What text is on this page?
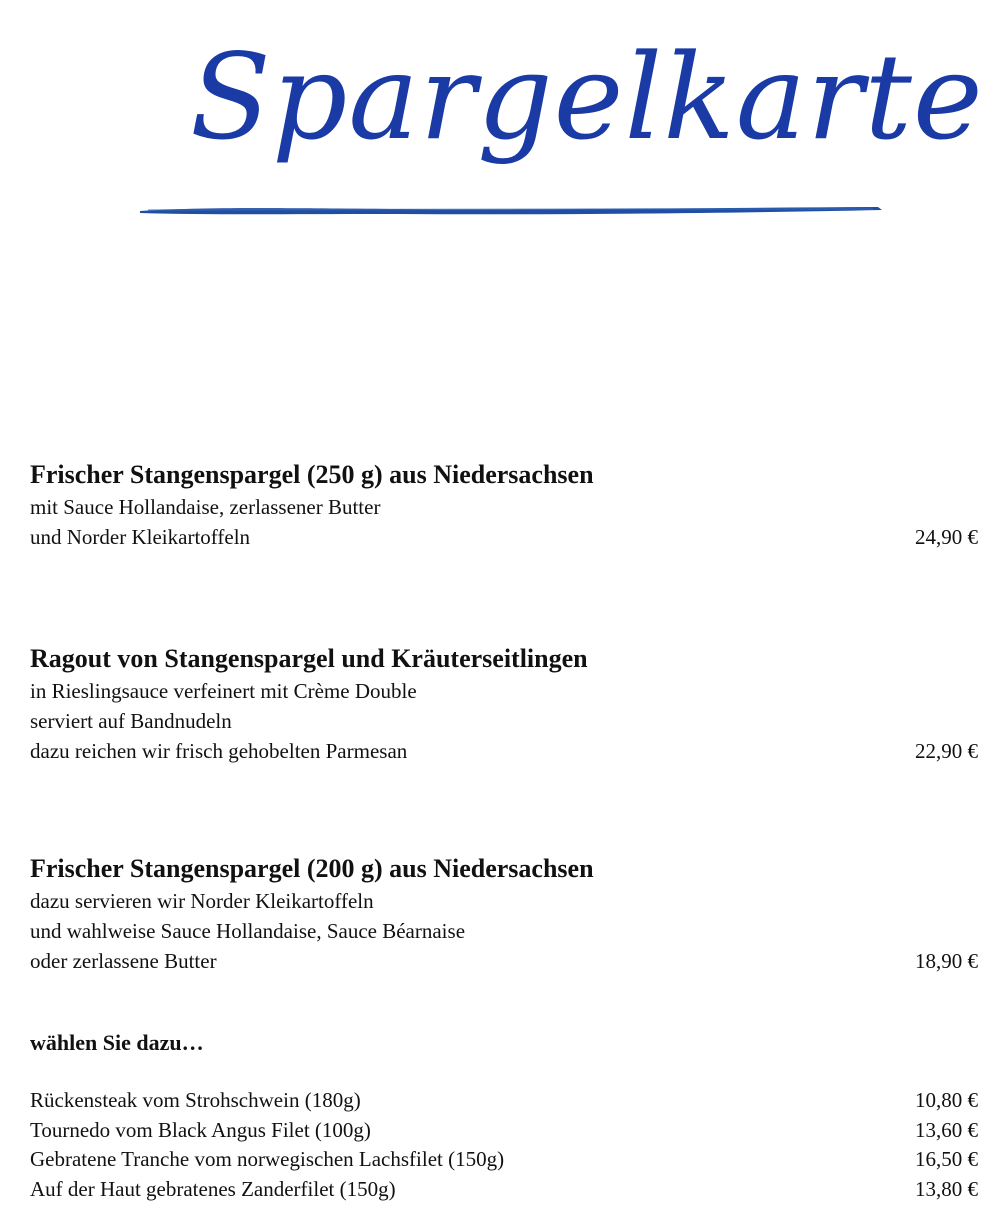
Spargelkarte
Frischer Stangenspargel (250 g) aus Niedersachsen
mit Sauce Hollandaise, zerlassener Butter
und Norder Kleikartoffeln	24,90 €
Ragout von Stangenspargel und Kräuterseitlingen
in Rieslingsauce verfeinert mit Crème Double
serviert auf Bandnudeln
dazu reichen wir frisch gehobelten Parmesan	22,90 €
Frischer Stangenspargel (200 g) aus Niedersachsen
dazu servieren wir Norder Kleikartoffeln
und wahlweise Sauce Hollandaise, Sauce Béarnaise
oder zerlassene Butter	18,90 €
wählen Sie dazu…
Rückensteak vom Strohschwein (180g)	10,80 €
Tournedo vom Black Angus Filet (100g)	13,60 €
Gebratene Tranche vom norwegischen Lachsfilet (150g)	16,50 €
Auf der Haut gebratenes Zanderfilet (150g)	13,80 €
